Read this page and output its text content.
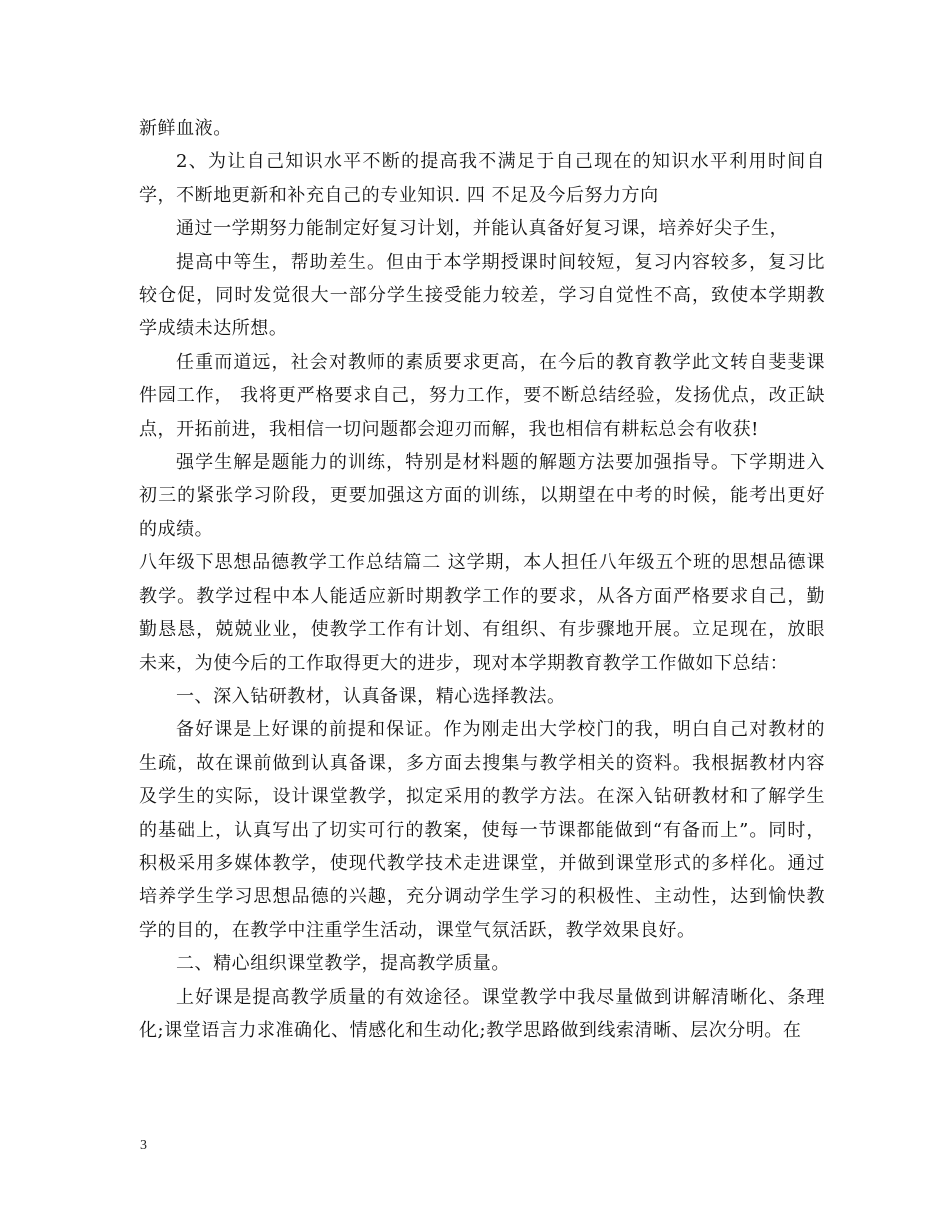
新鲜血液。

2、为让自己知识水平不断的提高我不满足于自己现在的知识水平利用时间自学，不断地更新和补充自己的专业知识. 四 不足及今后努力方向

通过一学期努力能制定好复习计划，并能认真备好复习课，培养好尖子生，

提高中等生，帮助差生。但由于本学期授课时间较短，复习内容较多，复习比较仓促，同时发觉很大一部分学生接受能力较差，学习自觉性不高，致使本学期教学成绩未达所想。

任重而道远，社会对教师的素质要求更高，在今后的教育教学此文转自斐斐课件园工作， 我将更严格要求自己，努力工作，要不断总结经验，发扬优点，改正缺点，开拓前进，我相信一切问题都会迎刃而解，我也相信有耕耘总会有收获!

强学生解是题能力的训练，特别是材料题的解题方法要加强指导。下学期进入初三的紧张学习阶段，更要加强这方面的训练，以期望在中考的时候，能考出更好的成绩。

八年级下思想品德教学工作总结篇二 这学期，本人担任八年级五个班的思想品德课教学。教学过程中本人能适应新时期教学工作的要求，从各方面严格要求自己，勤勤恳恳，兢兢业业，使教学工作有计划、有组织、有步骤地开展。立足现在，放眼未来，为使今后的工作取得更大的进步，现对本学期教育教学工作做如下总结：

一、深入钻研教材，认真备课，精心选择教法。

备好课是上好课的前提和保证。作为刚走出大学校门的我，明白自己对教材的生疏，故在课前做到认真备课，多方面去搜集与教学相关的资料。我根据教材内容及学生的实际，设计课堂教学，拟定采用的教学方法。在深入钻研教材和了解学生的基础上，认真写出了切实可行的教案，使每一节课都能做到“有备而上”。同时，积极采用多媒体教学，使现代教学技术走进课堂，并做到课堂形式的多样化。通过培养学生学习思想品德的兴趣，充分调动学生学习的积极性、主动性，达到愉快教学的目的，在教学中注重学生活动，课堂气氛活跃，教学效果良好。

二、精心组织课堂教学，提高教学质量。

上好课是提高教学质量的有效途径。课堂教学中我尽量做到讲解清晰化、条理化;课堂语言力求准确化、情感化和生动化;教学思路做到线索清晰、层次分明。在

3
